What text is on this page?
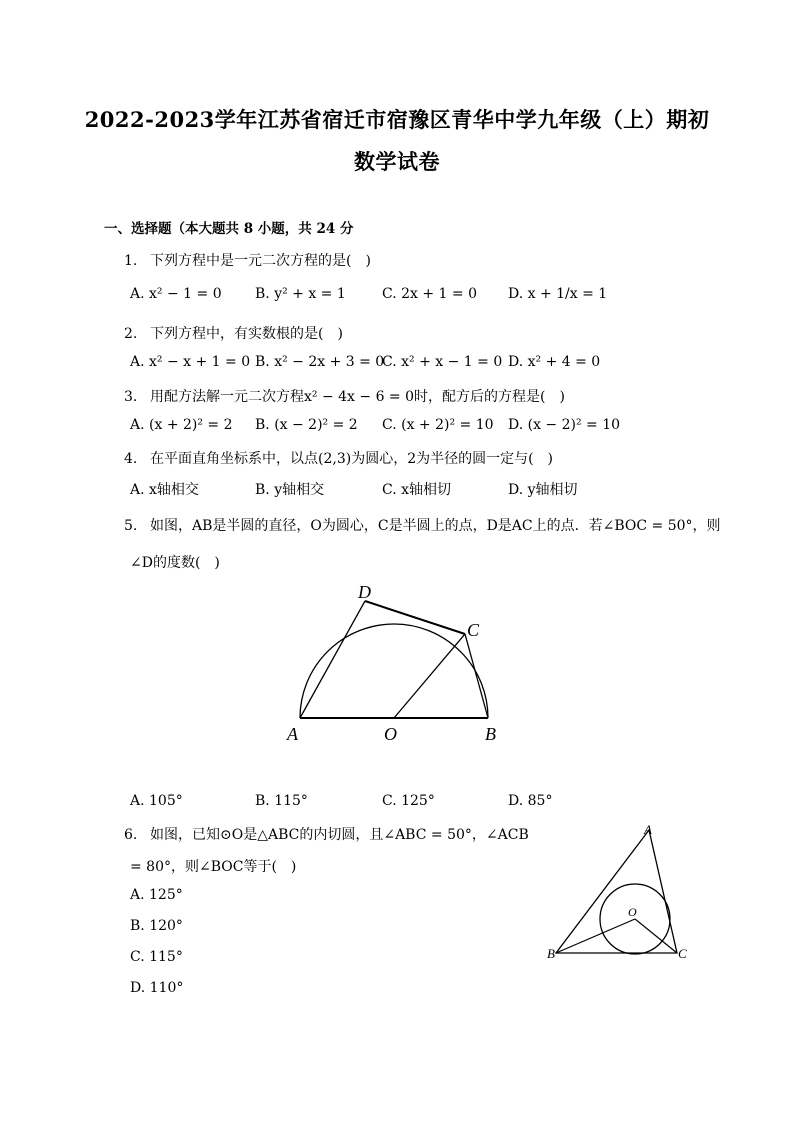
2022-2023学年江苏省宿迁市宿豫区青华中学九年级（上）期初
数学试卷
一、选择题（本大题共 8 小题，共 24 分
1. 下列方程中是一元二次方程的是(　)
A. x² − 1 = 0 B. y² + x = 1	C. 2x + 1 = 0 D. x + 1/x = 1
2. 下列方程中，有实数根的是(　)
A. x² − x + 1 = 0 B. x² − 2x + 3 = 0
C. x² + x − 1 = 0 D. x² + 4 = 0
3. 用配方法解一元二次方程x² − 4x − 6 = 0时，配方后的方程是(　)
A. (x + 2)² = 2 B. (x − 2)² = 2 C. (x + 2)² = 10 D. (x − 2)² = 10
4. 在平面直角坐标系中，以点(2,3)为圆心，2为半径的圆一定与(　)
A. x轴相交	B. y轴相交	C. x轴相切	D. y轴相切
5. 如图，AB是半圆的直径，O为圆心，C是半圆上的点，D是AC上的点．若∠BOC = 50°，则
∠D的度数(　)
A	O	B
C
D
A. 105°	B. 115°	C. 125°	D. 85°
6. 如图，已知⊙O是△ABC的内切圆，且∠ABC = 50°，∠ACB
= 80°，则∠BOC等于(　)
A. 125°
B. 120°
C. 115°
D. 110°
A
B	C
O
